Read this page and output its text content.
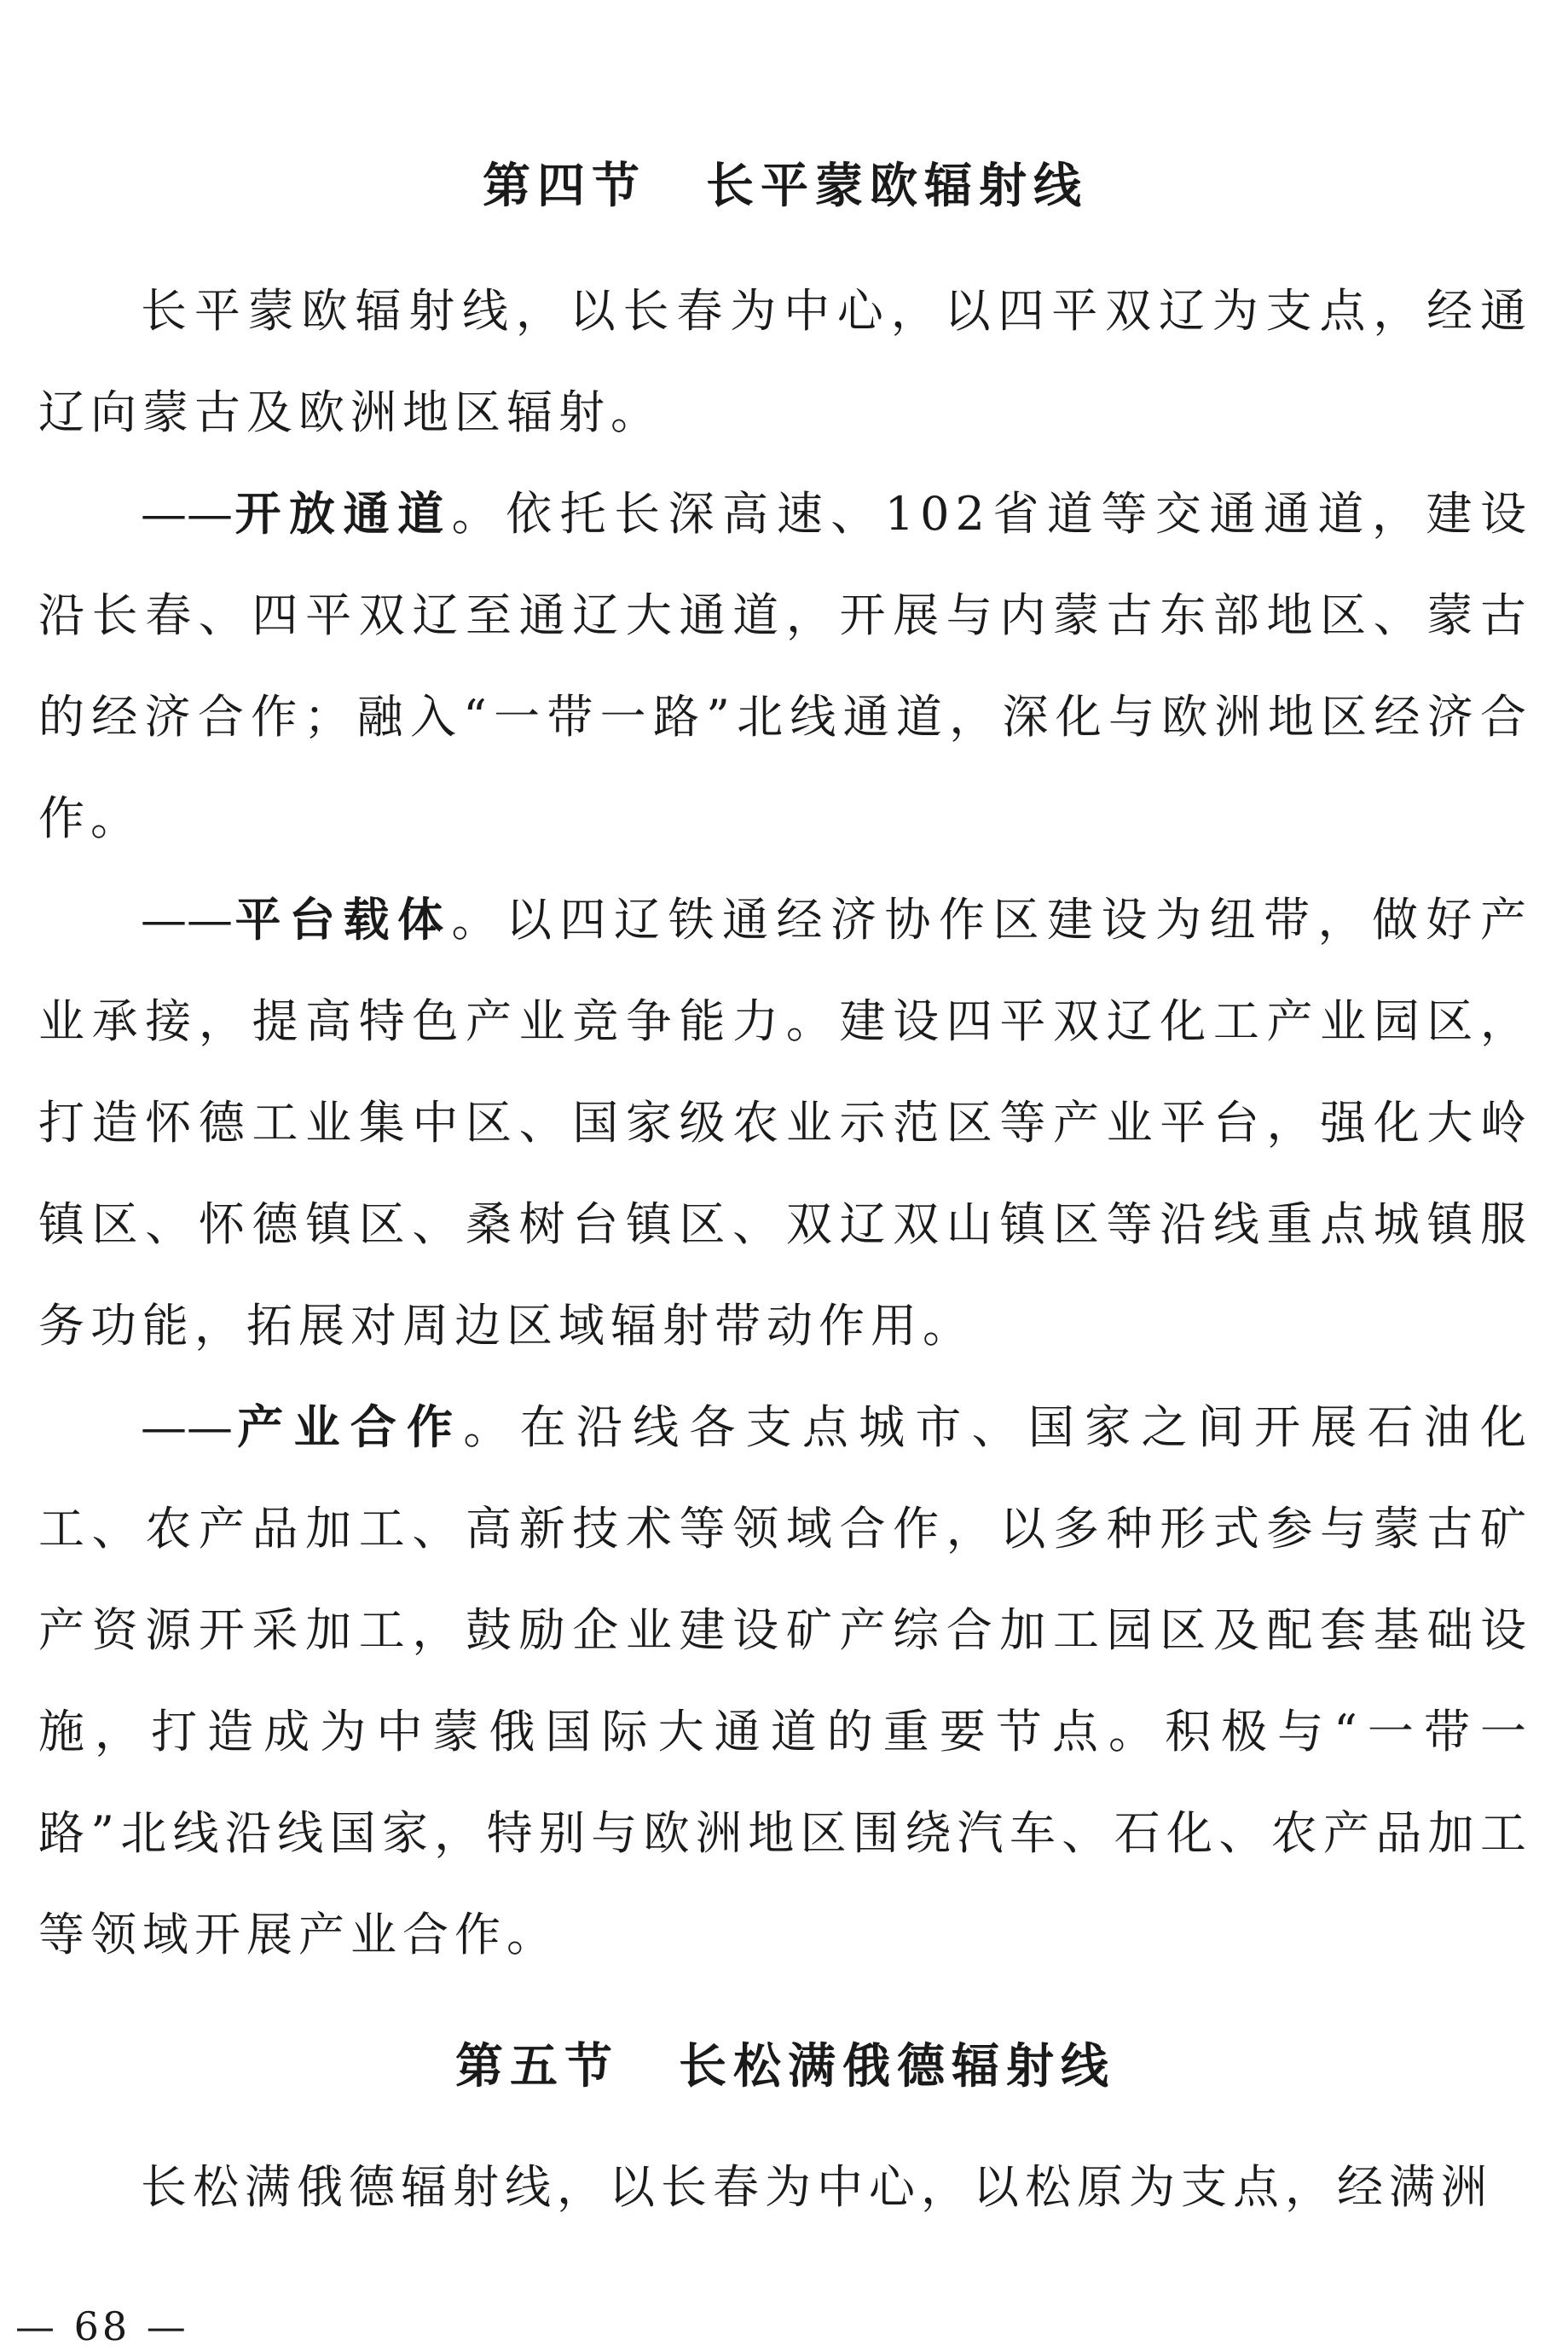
第四节 长平蒙欧辐射线

长平蒙欧辐射线，以长春为中心，以四平双辽为支点，经通辽向蒙古及欧洲地区辐射。

——开放通道。依托长深高速、102省道等交通通道，建设沿长春、四平双辽至通辽大通道，开展与内蒙古东部地区、蒙古的经济合作；融入“一带一路”北线通道，深化与欧洲地区经济合作。

——平台载体。以四辽铁通经济协作区建设为纽带，做好产业承接，提高特色产业竞争能力。建设四平双辽化工产业园区，打造怀德工业集中区、国家级农业示范区等产业平台，强化大岭镇区、怀德镇区、桑树台镇区、双辽双山镇区等沿线重点城镇服务功能，拓展对周边区域辐射带动作用。

——产业合作。在沿线各支点城市、国家之间开展石油化工、农产品加工、高新技术等领域合作，以多种形式参与蒙古矿产资源开采加工，鼓励企业建设矿产综合加工园区及配套基础设施，打造成为中蒙俄国际大通道的重要节点。积极与“一带一路”北线沿线国家，特别与欧洲地区围绕汽车、石化、农产品加工等领域开展产业合作。

第五节 长松满俄德辐射线

长松满俄德辐射线，以长春为中心，以松原为支点，经满洲

— 68 —
